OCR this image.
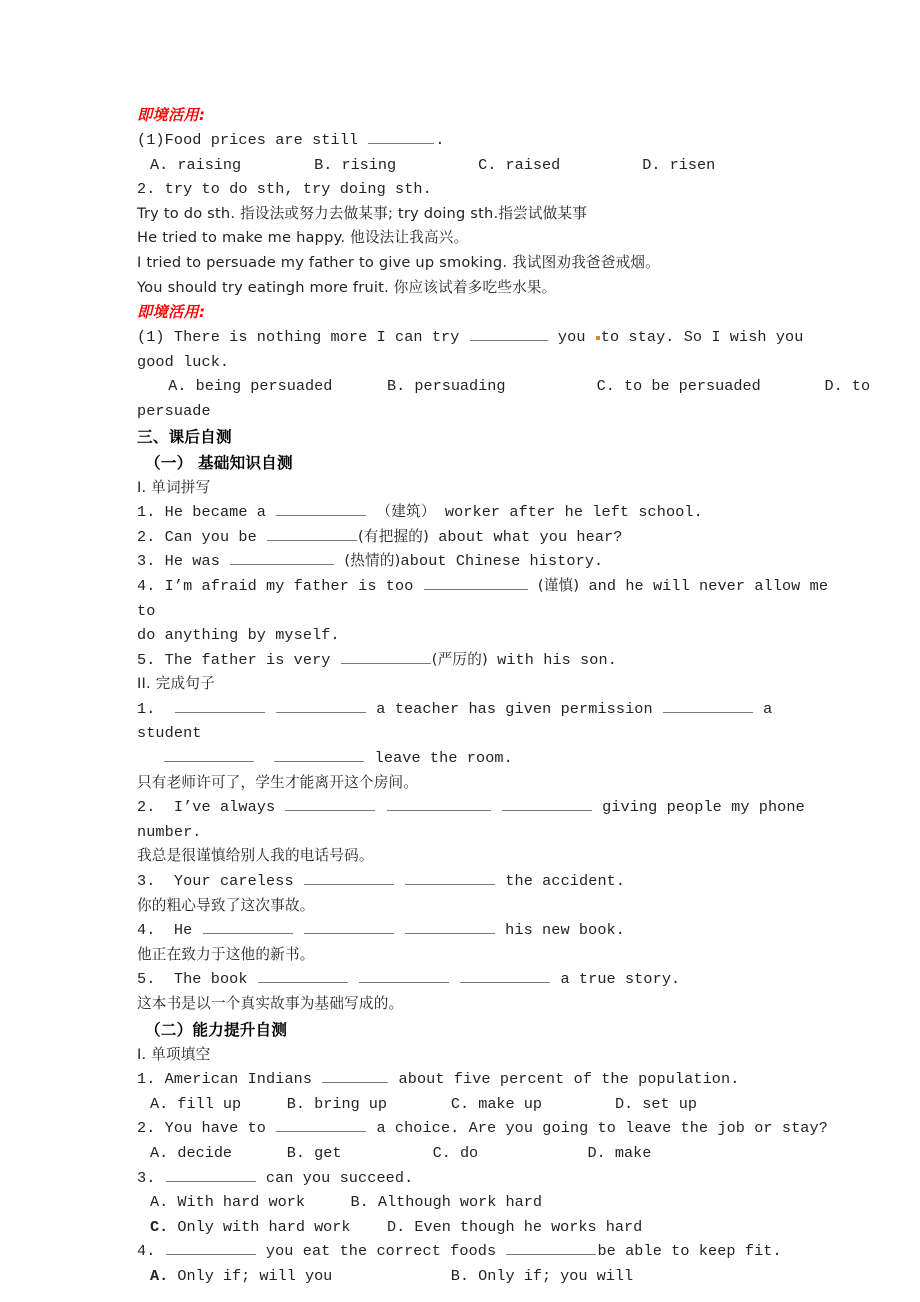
即境活用:
(1)Food prices are still	.
A. raising	B. rising	C. raised	D. risen
2. try to do sth, try doing sth.
Try to do sth. 指设法或努力去做某事; try doing sth.指尝试做某事
He tried to make me happy. 他设法让我高兴。
I tried to persuade my father to give up smoking. 我试图劝我爸爸戒烟。
You should try eatingh more fruit. 你应该试着多吃些水果。
即境活用:
(1) There is nothing more I can try	you to stay. So I wish you good luck.
A. being persuaded	B. persuading	C. to be persuaded	D. to
persuade
三、课后自测
（一） 基础知识自测
I. 单词拼写
1. He became a	（建筑） worker after he left school.
2. Can you be	(有把握的) about what you hear?
3. He was	(热情的)about Chinese history.
4. I’m afraid my father is too	(谨慎) and he will never allow me to
do anything by myself.
5. The father is very	(严厉的) with his son.
II. 完成句子
1.	a teacher has given permission	a student
leave the room.
只有老师许可了，学生才能离开这个房间。
2. I’ve always	giving people my phone number.
我总是很谨慎给别人我的电话号码。
3. Your careless	the accident.
你的粗心导致了这次事故。
4. He	his new book.
他正在致力于这他的新书。
5. The book	a true story.
这本书是以一个真实故事为基础写成的。
（二）能力提升自测
I. 单项填空
1. American Indians	about five percent of the population.
A. fill up	B. bring up	C. make up	D. set up
2. You have to	a choice. Are you going to leave the job or stay?
A. decide	B. get	C. do	D. make
3.	can you succeed.
A. With hard work	B. Although work hard
C. Only with hard work D. Even though he works hard
4.	you eat the correct foods	be able to keep fit.
A. Only if; will you	B. Only if; you will
